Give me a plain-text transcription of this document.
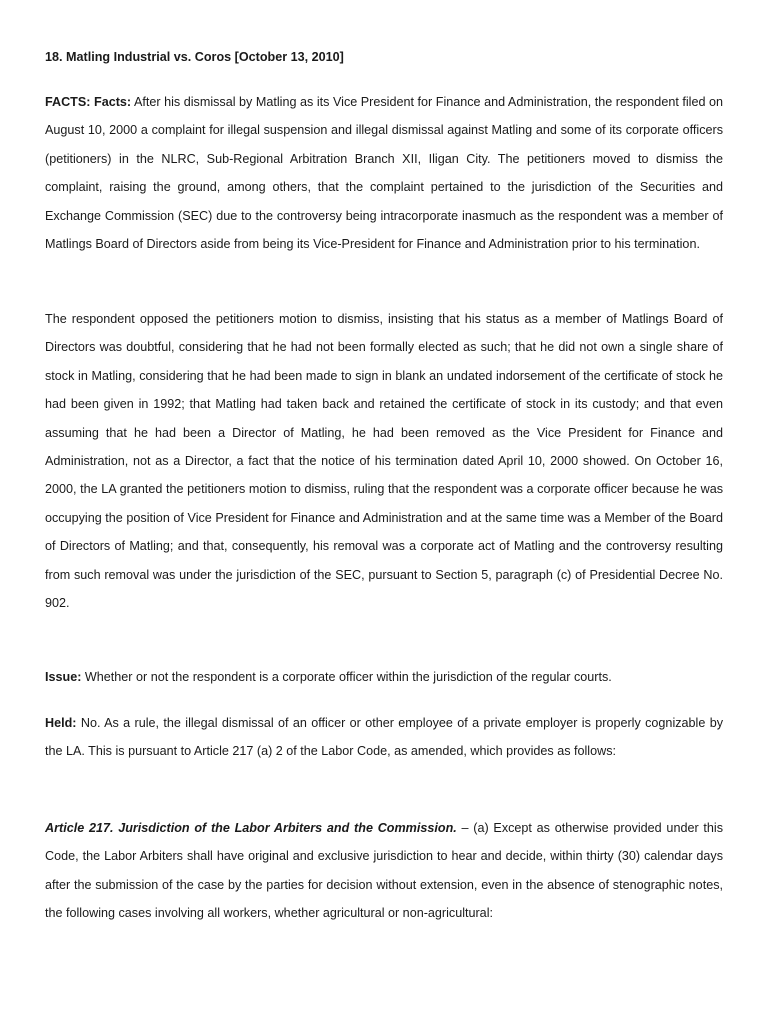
18. Matling Industrial vs. Coros [October 13, 2010]

FACTS: Facts: After his dismissal by Matling as its Vice President for Finance and Administration, the respondent filed on August 10, 2000 a complaint for illegal suspension and illegal dismissal against Matling and some of its corporate officers (petitioners) in the NLRC, Sub-Regional Arbitration Branch XII, Iligan City. The petitioners moved to dismiss the complaint, raising the ground, among others, that the complaint pertained to the jurisdiction of the Securities and Exchange Commission (SEC) due to the controversy being intracorporate inasmuch as the respondent was a member of Matlings Board of Directors aside from being its Vice-President for Finance and Administration prior to his termination.

The respondent opposed the petitioners motion to dismiss, insisting that his status as a member of Matlings Board of Directors was doubtful, considering that he had not been formally elected as such; that he did not own a single share of stock in Matling, considering that he had been made to sign in blank an undated indorsement of the certificate of stock he had been given in 1992; that Matling had taken back and retained the certificate of stock in its custody; and that even assuming that he had been a Director of Matling, he had been removed as the Vice President for Finance and Administration, not as a Director, a fact that the notice of his termination dated April 10, 2000 showed. On October 16, 2000, the LA granted the petitioners motion to dismiss, ruling that the respondent was a corporate officer because he was occupying the position of Vice President for Finance and Administration and at the same time was a Member of the Board of Directors of Matling; and that, consequently, his removal was a corporate act of Matling and the controversy resulting from such removal was under the jurisdiction of the SEC, pursuant to Section 5, paragraph (c) of Presidential Decree No. 902.

Issue: Whether or not the respondent is a corporate officer within the jurisdiction of the regular courts.

Held: No. As a rule, the illegal dismissal of an officer or other employee of a private employer is properly cognizable by the LA. This is pursuant to Article 217 (a) 2 of the Labor Code, as amended, which provides as follows:

Article 217. Jurisdiction of the Labor Arbiters and the Commission. – (a) Except as otherwise provided under this Code, the Labor Arbiters shall have original and exclusive jurisdiction to hear and decide, within thirty (30) calendar days after the submission of the case by the parties for decision without extension, even in the absence of stenographic notes, the following cases involving all workers, whether agricultural or non-agricultural:
